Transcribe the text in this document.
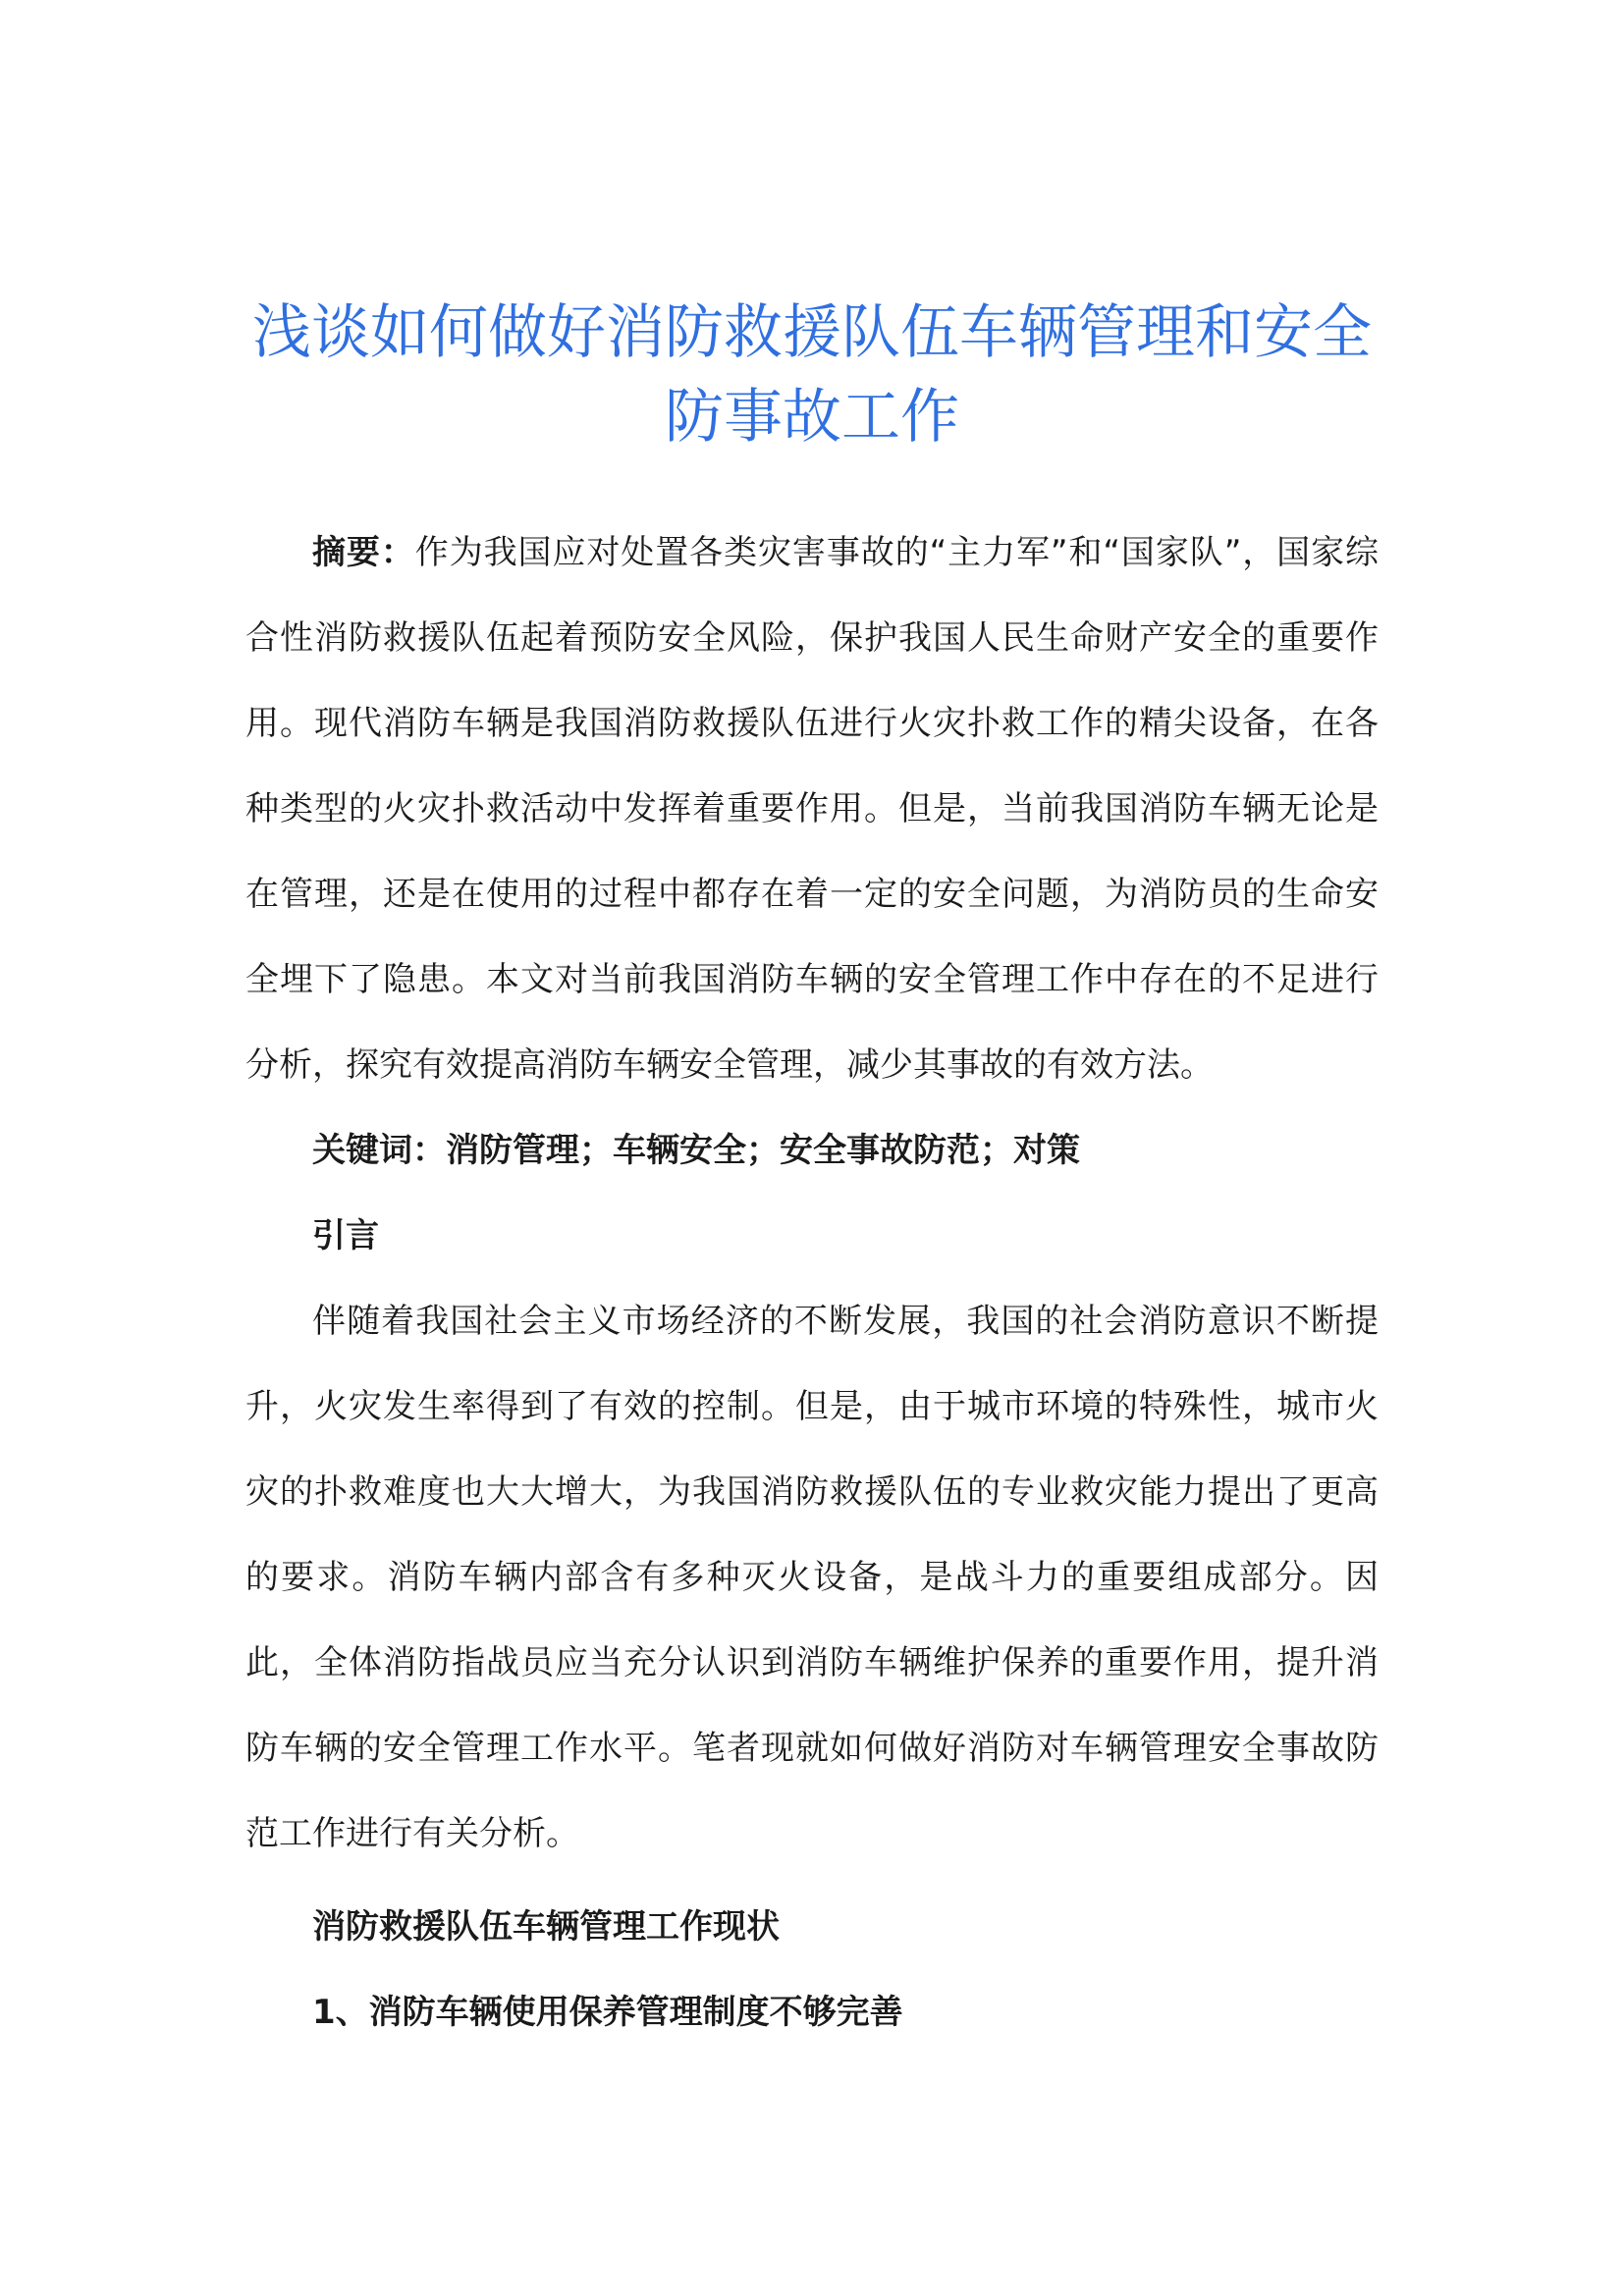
浅谈如何做好消防救援队伍车辆管理和安全防事故工作

摘要：作为我国应对处置各类灾害事故的“主力军”和“国家队”，国家综合性消防救援队伍起着预防安全风险，保护我国人民生命财产安全的重要作用。现代消防车辆是我国消防救援队伍进行火灾扑救工作的精尖设备，在各种类型的火灾扑救活动中发挥着重要作用。但是，当前我国消防车辆无论是在管理，还是在使用的过程中都存在着一定的安全问题，为消防员的生命安全埋下了隐患。本文对当前我国消防车辆的安全管理工作中存在的不足进行分析，探究有效提高消防车辆安全管理，减少其事故的有效方法。

关键词：消防管理；车辆安全；安全事故防范；对策

引言

伴随着我国社会主义市场经济的不断发展，我国的社会消防意识不断提升，火灾发生率得到了有效的控制。但是，由于城市环境的特殊性，城市火灾的扑救难度也大大增大，为我国消防救援队伍的专业救灾能力提出了更高的要求。消防车辆内部含有多种灭火设备，是战斗力的重要组成部分。因此，全体消防指战员应当充分认识到消防车辆维护保养的重要作用，提升消防车辆的安全管理工作水平。笔者现就如何做好消防对车辆管理安全事故防范工作进行有关分析。

消防救援队伍车辆管理工作现状

1、消防车辆使用保养管理制度不够完善
